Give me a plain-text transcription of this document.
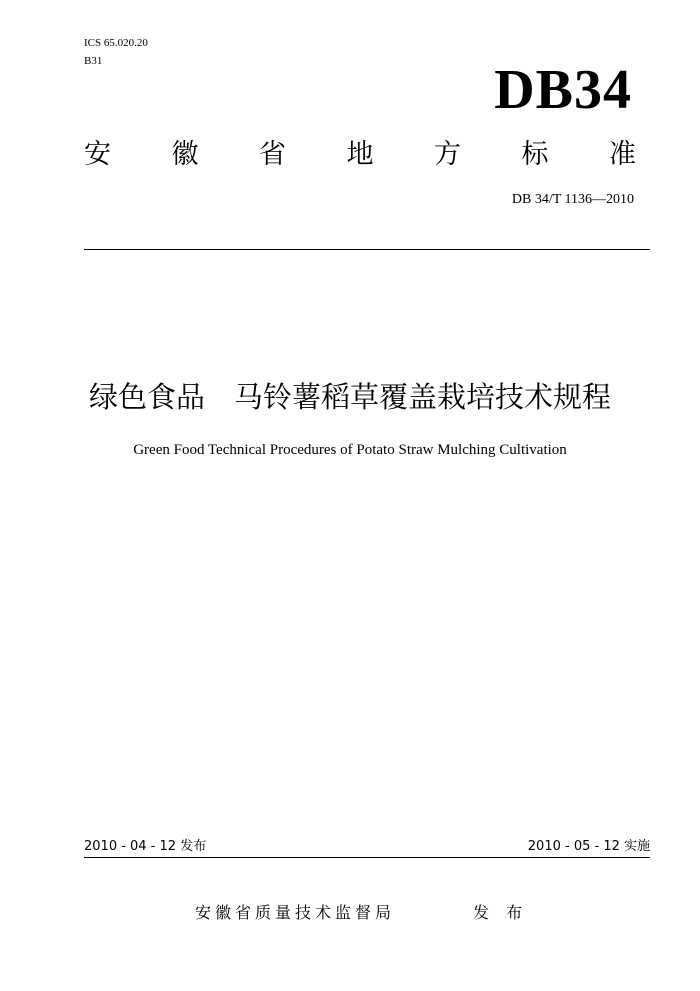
ICS 65.020.20
B31	DB34
安 徽 省 地 方 标 准
DB 34/T 1136—2010
绿色食品　马铃薯稻草覆盖栽培技术规程
Green Food Technical Procedures of Potato Straw Mulching Cultivation
2010 - 04 - 12 发布	2010 - 05 - 12 实施
安徽省质量技术监督局	发 布
